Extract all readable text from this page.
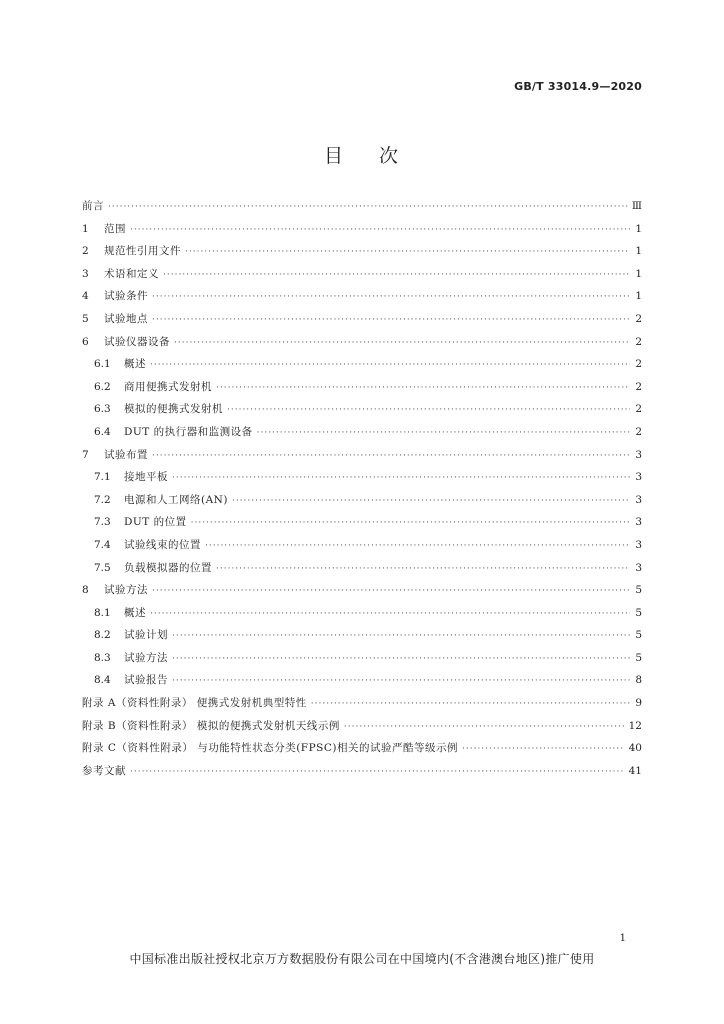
GB/T 33014.9—2020
目次
前言 ·····	Ⅲ
1	范围 ·····	1
2	规范性引用文件 ·····	1
3	术语和定义 ·····	1
4	试验条件 ·····	1
5	试验地点 ·····	2
6	试验仪器设备 ·····	2
6.1	概述 ·····	2
6.2	商用便携式发射机 ·····	2
6.3	模拟的便携式发射机 ·····	2
6.4	DUT 的执行器和监测设备 ·····	2
7	试验布置 ·····	3
7.1	接地平板 ·····	3
7.2	电源和人工网络(AN) ·····	3
7.3	DUT 的位置 ·····	3
7.4	试验线束的位置 ·····	3
7.5	负载模拟器的位置 ·····	3
8	试验方法 ·····	5
8.1	概述 ·····	5
8.2	试验计划 ·····	5
8.3	试验方法 ·····	5
8.4	试验报告 ·····	8
附录 A（资料性附录） 便携式发射机典型特性 ·····	9
附录 B（资料性附录） 模拟的便携式发射机天线示例 ·····	12
附录 C（资料性附录） 与功能特性状态分类(FPSC)相关的试验严酷等级示例 ·····	40
参考文献 ·····	41
1
中国标准出版社授权北京万方数据股份有限公司在中国境内(不含港澳台地区)推广使用
